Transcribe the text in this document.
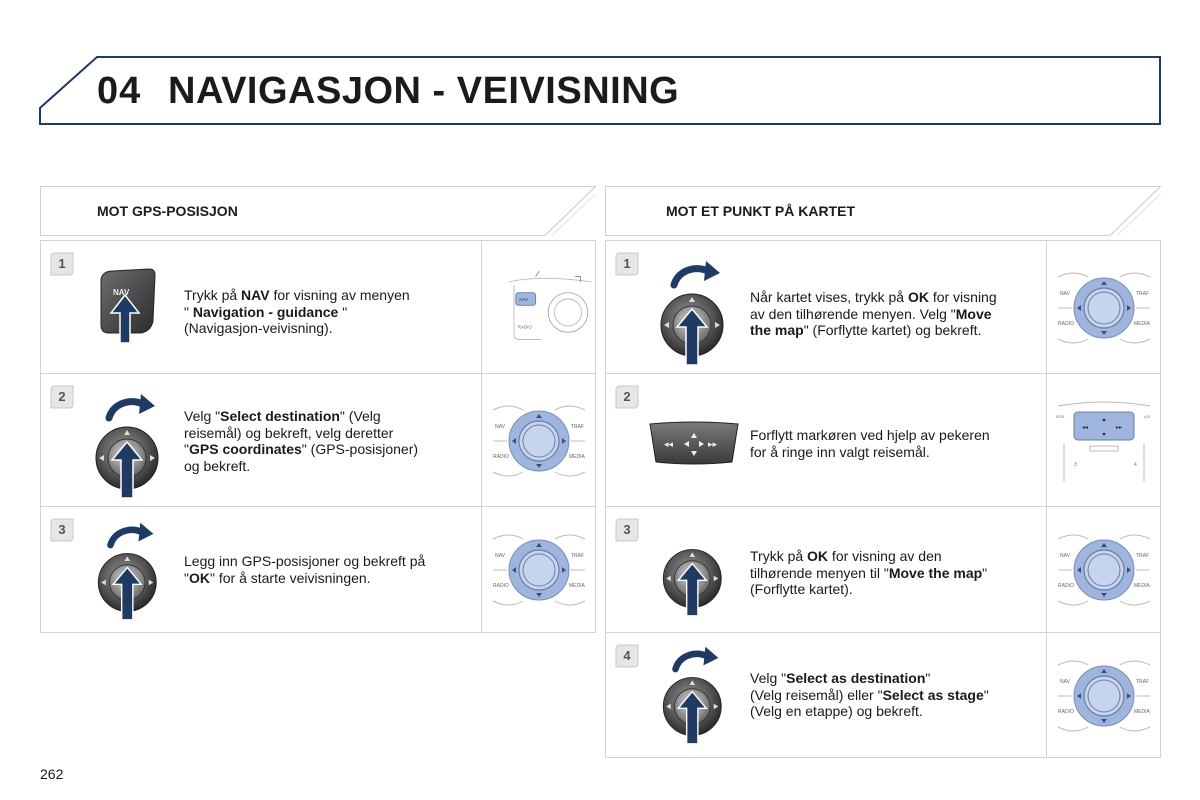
04 NAVIGASJON - VEIVISNING
MOT GPS-POSISJON	MOT ET PUNKT PÅ KARTET
1
Trykk på NAV for visning av menyen
" Navigation - guidance "
(Navigasjon-veivisning).
2
Velg "Select destination" (Velg
reisemål) og bekreft, velg deretter
"GPS coordinates" (GPS-posisjoner)
og bekreft.
3
Legg inn GPS-posisjoner og bekreft på
"OK" for å starte veivisningen.
1
Når kartet vises, trykk på OK for visning
av den tilhørende menyen. Velg "Move
the map" (Forflytte kartet) og bekreft.
2
Forflytt markøren ved hjelp av pekeren
for å ringe inn valgt reisemål.
3
Trykk på OK for visning av den
tilhørende menyen til "Move the map"
(Forflytte kartet).
4
Velg "Select as destination"
(Velg reisemål) eller "Select as stage"
(Velg en etappe) og bekreft.
262
